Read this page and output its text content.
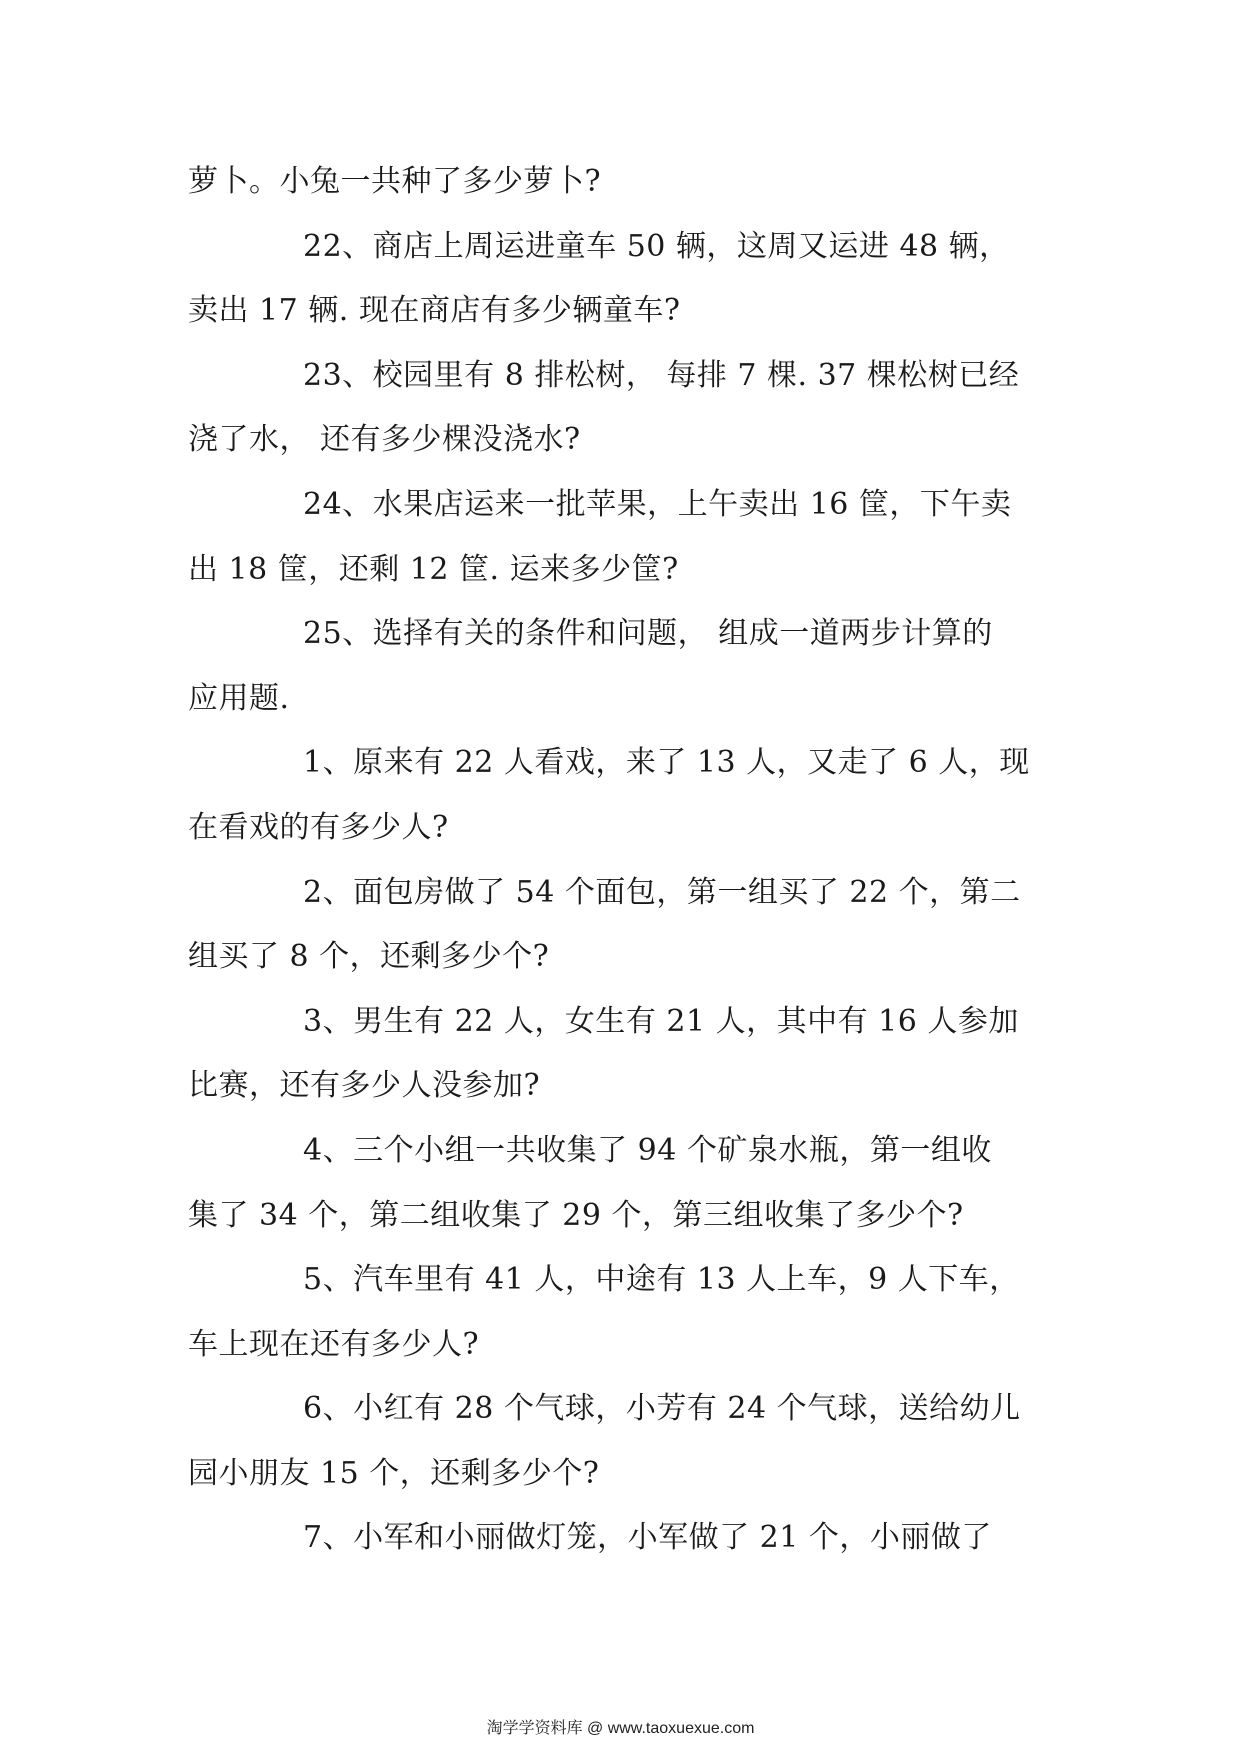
萝卜。小兔一共种了多少萝卜?
22、商店上周运进童车 50 辆，这周又运进 48 辆，
卖出 17 辆. 现在商店有多少辆童车?
23、校园里有 8 排松树， 每排 7 棵. 37 棵松树已经
浇了水， 还有多少棵没浇水?
24、水果店运来一批苹果，上午卖出 16 筐，下午卖
出 18 筐，还剩 12 筐. 运来多少筐?
25、选择有关的条件和问题， 组成一道两步计算的
应用题.
1、原来有 22 人看戏，来了 13 人，又走了 6 人，现
在看戏的有多少人?
2、面包房做了 54 个面包，第一组买了 22 个，第二
组买了 8 个，还剩多少个?
3、男生有 22 人，女生有 21 人，其中有 16 人参加
比赛，还有多少人没参加?
4、三个小组一共收集了 94 个矿泉水瓶，第一组收
集了 34 个，第二组收集了 29 个，第三组收集了多少个?
5、汽车里有 41 人，中途有 13 人上车，9 人下车，
车上现在还有多少人?
6、小红有 28 个气球，小芳有 24 个气球，送给幼儿
园小朋友 15 个，还剩多少个?
7、小军和小丽做灯笼，小军做了 21 个，小丽做了
淘学学资料库 @ www.taoxuexue.com
